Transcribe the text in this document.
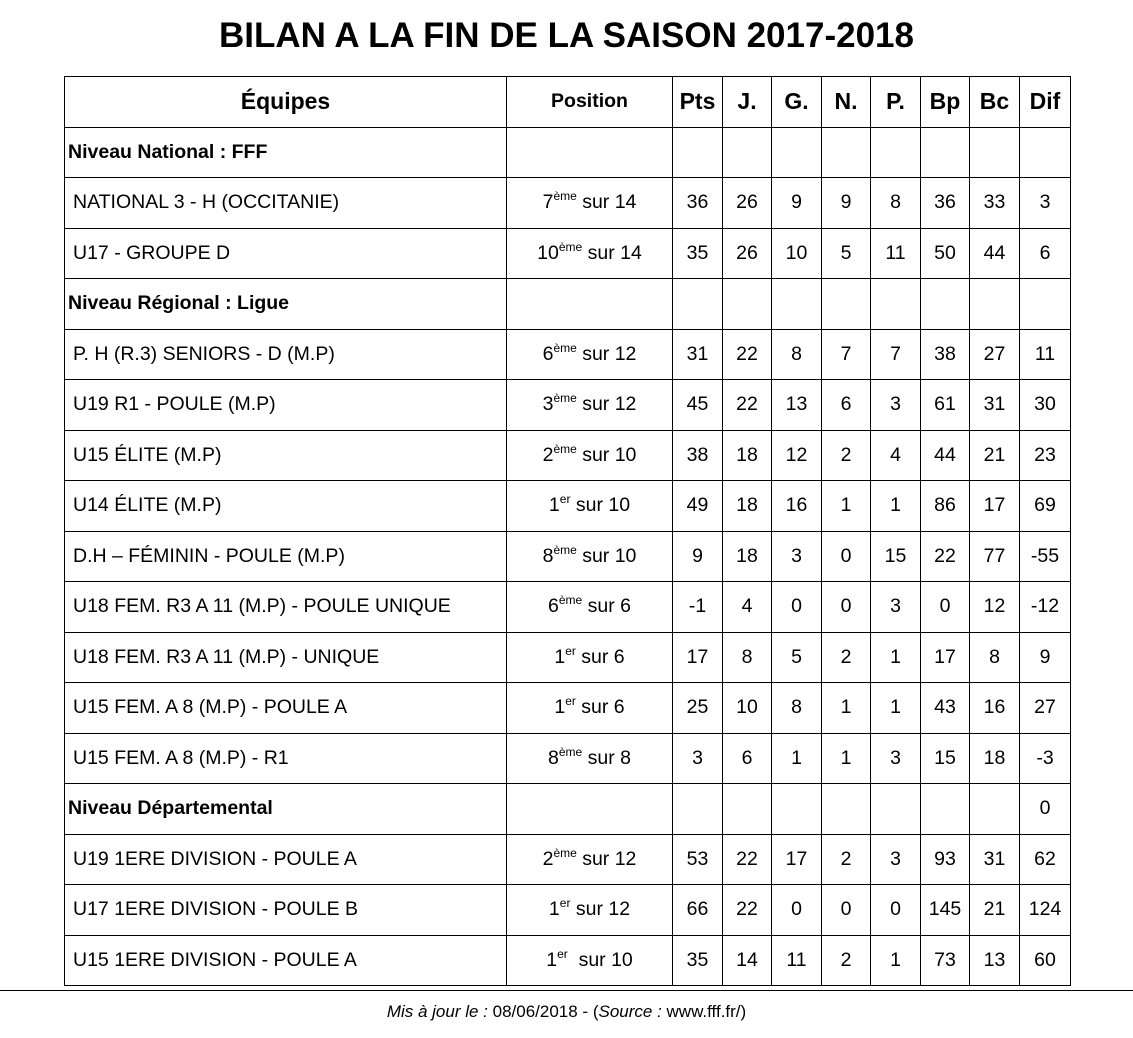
BILAN A LA FIN DE LA SAISON 2017-2018
Équipes	Position	Pts	J.	G.	N.	P.	Bp	Bc	Dif
Niveau National : FFF									
NATIONAL 3 - H (OCCITANIE)	7ème sur 14	36	26	9	9	8	36	33	3
U17 - GROUPE D	10ème sur 14	35	26	10	5	11	50	44	6
Niveau Régional : Ligue									
P. H (R.3) SENIORS - D (M.P)	6ème sur 12	31	22	8	7	7	38	27	11
U19 R1 - POULE (M.P)	3ème sur 12	45	22	13	6	3	61	31	30
U15 ÉLITE (M.P)	2ème sur 10	38	18	12	2	4	44	21	23
U14 ÉLITE (M.P)	1er sur 10	49	18	16	1	1	86	17	69
D.H – FÉMININ - POULE (M.P)	8ème sur 10	9	18	3	0	15	22	77	-55
U18 FEM. R3 A 11 (M.P) - POULE UNIQUE	6ème sur 6	-1	4	0	0	3	0	12	-12
U18 FEM. R3 A 11 (M.P) - UNIQUE	1er sur 6	17	8	5	2	1	17	8	9
U15 FEM. A 8 (M.P) - POULE A	1er sur 6	25	10	8	1	1	43	16	27
U15 FEM. A 8 (M.P) - R1	8ème sur 8	3	6	1	1	3	15	18	-3
Niveau Départemental									0
U19 1ERE DIVISION - POULE A	2ème sur 12	53	22	17	2	3	93	31	62
U17 1ERE DIVISION - POULE B	1er sur 12	66	22	0	0	0	145	21	124
U15 1ERE DIVISION - POULE A	1er  sur 10	35	14	11	2	1	73	13	60
Mis à jour le : 08/06/2018 - (Source : www.fff.fr/)
